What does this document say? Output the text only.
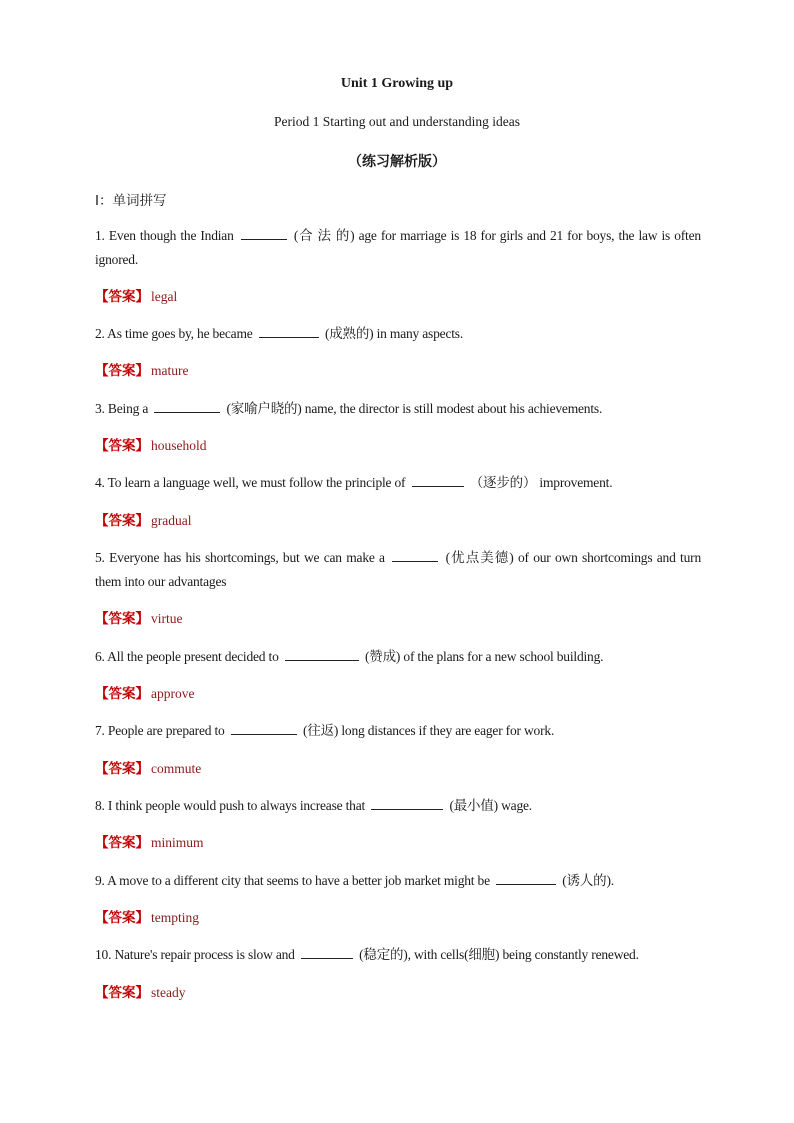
Unit 1 Growing up
Period 1 Starting out and understanding ideas
（练习解析版）
I：单词拼写
1. Even though the Indian	(合 法 的) age for marriage is 18 for girls and 21 for boys, the law is often ignored.
【答案】 legal
2. As time goes by, he became	(成熟的) in many aspects.
【答案】 mature
3. Being a	(家喻户晓的) name, the director is still modest about his achievements.
【答案】 household
4. To learn a language well, we must follow the principle of	（逐步的） improvement.
【答案】 gradual
5. Everyone has his shortcomings, but we can make a	(优点美德) of our own shortcomings and turn them into our advantages
【答案】 virtue
6. All the people present decided to	(赞成) of the plans for a new school building.
【答案】 approve
7. People are prepared to	(往返) long distances if they are eager for work.
【答案】 commute
8. I think people would push to always increase that	(最小值) wage.
【答案】 minimum
9. A move to a different city that seems to have a better job market might be	(诱人的).
【答案】 tempting
10. Nature's repair process is slow and	(稳定的), with cells(细胞) being constantly renewed.
【答案】 steady
